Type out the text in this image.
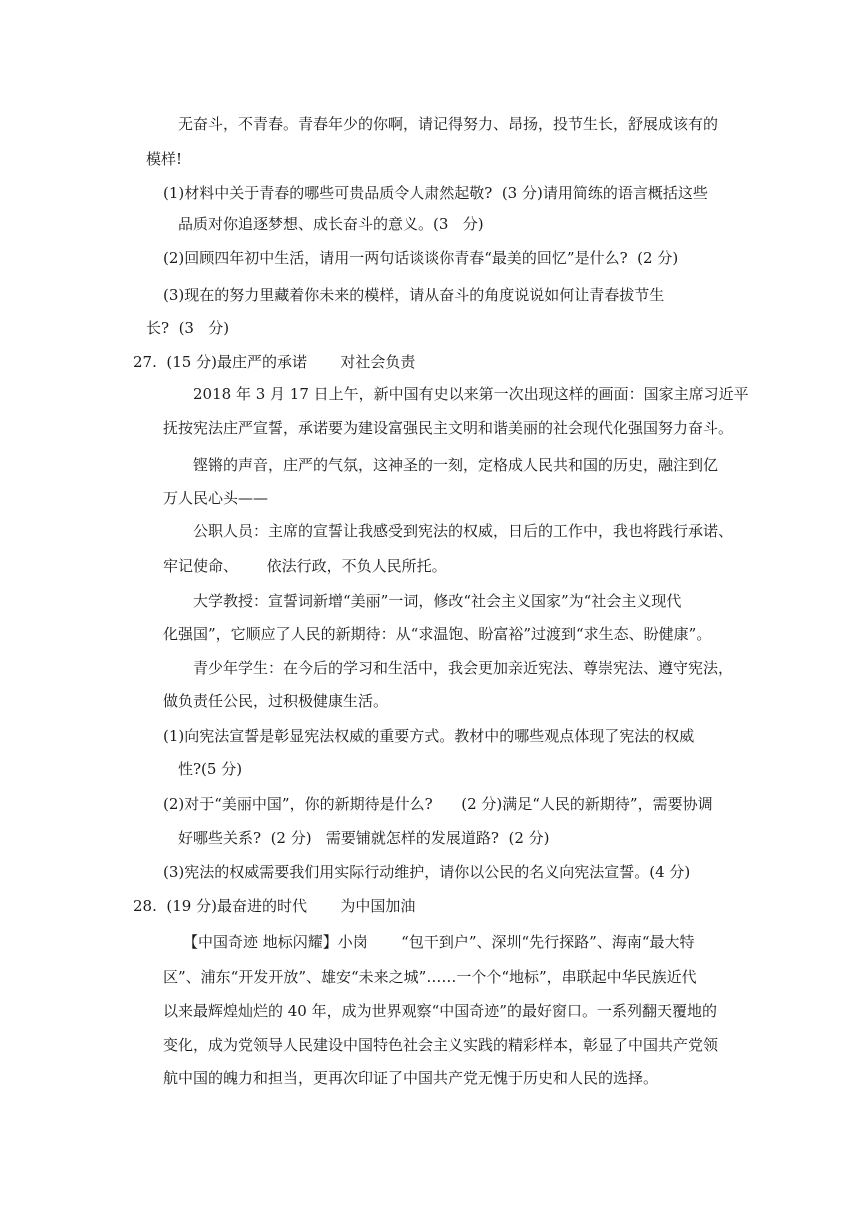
无奋斗，不青春。青春年少的你啊，请记得努力、昂扬，投节生长，舒展成该有的

模样!

(1)材料中关于青春的哪些可贵品质令人肃然起敬?  (3 分)请用简练的语言概括这些

品质对你追逐梦想、成长奋斗的意义。(3   分)

(2)回顾四年初中生活，请用一两句话谈谈你青春“最美的回忆”是什么?  (2 分)

(3)现在的努力里藏着你未来的模样，请从奋斗的角度说说如何让青春拔节生

长?  (3   分)

27.  (15 分)最庄严的承诺       对社会负责

2018 年 3 月 17 日上午，新中国有史以来第一次出现这样的画面：国家主席习近平

抚按宪法庄严宣誓，承诺要为建设富强民主文明和谐美丽的社会现代化强国努力奋斗。

铿锵的声音，庄严的气氛，这神圣的一刻，定格成人民共和国的历史，融注到亿

万人民心头——

公职人员：主席的宣誓让我感受到宪法的权威，日后的工作中，我也将践行承诺、

牢记使命、      依法行政，不负人民所托。

大学教授：宣誓词新增“美丽”一词，修改“社会主义国家”为“社会主义现代

化强国”，它顺应了人民的新期待：从“求温饱、盼富裕”过渡到“求生态、盼健康”。

青少年学生：在今后的学习和生活中，我会更加亲近宪法、尊崇宪法、遵守宪法，

做负责任公民，过积极健康生活。

(1)向宪法宣誓是彰显宪法权威的重要方式。教材中的哪些观点体现了宪法的权威

性?(5 分)

(2)对于“美丽中国”，你的新期待是什么?      (2 分)满足“人民的新期待”，需要协调

好哪些关系?  (2 分)   需要铺就怎样的发展道路?  (2 分)

(3)宪法的权威需要我们用实际行动维护，请你以公民的名义向宪法宣誓。(4 分)

28.  (19 分)最奋进的时代       为中国加油

【中国奇迹 地标闪耀】小岗       “包干到户”、深圳“先行探路”、海南“最大特

区”、浦东“开发开放”、雄安“未来之城”……一个个“地标”，串联起中华民族近代

以来最辉煌灿烂的 40 年，成为世界观察“中国奇迹”的最好窗口。一系列翻天覆地的

变化，成为党领导人民建设中国特色社会主义实践的精彩样本，彰显了中国共产党领

航中国的魄力和担当，更再次印证了中国共产党无愧于历史和人民的选择。
